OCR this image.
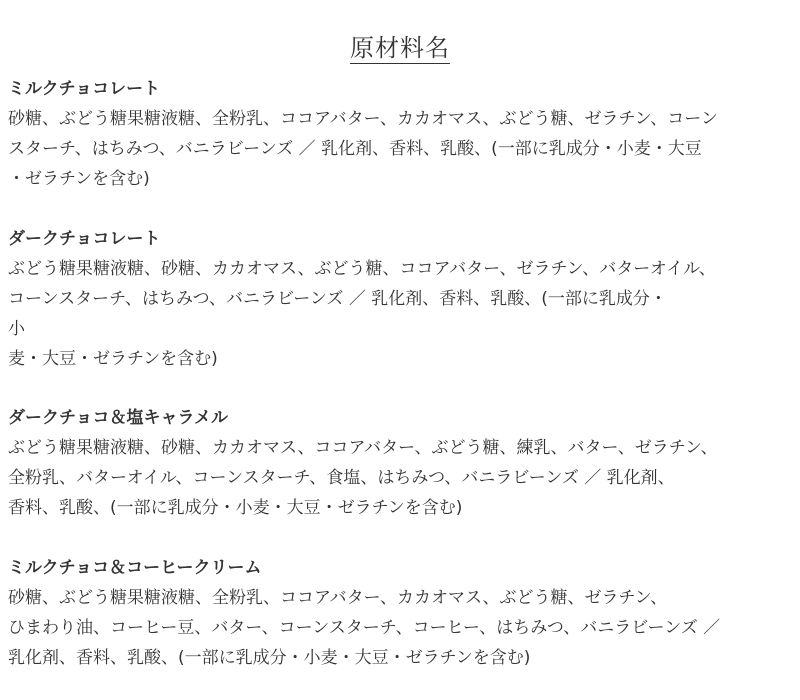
原材料名

ミルクチョコレート

砂糖、ぶどう糖果糖液糖、全粉乳、ココアバター、カカオマス、ぶどう糖、ゼラチン、コーン

スターチ、はちみつ、バニラビーンズ ／ 乳化剤、香料、乳酸、(一部に乳成分・小麦・大豆

・ゼラチンを含む)

ダークチョコレート

ぶどう糖果糖液糖、砂糖、カカオマス、ぶどう糖、ココアバター、ゼラチン、バターオイル、

コーンスターチ、はちみつ、バニラビーンズ ／ 乳化剤、香料、乳酸、(一部に乳成分・

小

麦・大豆・ゼラチンを含む)

ダークチョコ＆塩キャラメル

ぶどう糖果糖液糖、砂糖、カカオマス、ココアバター、ぶどう糖、練乳、バター、ゼラチン、

全粉乳、バターオイル、コーンスターチ、食塩、はちみつ、バニラビーンズ ／ 乳化剤、

香料、乳酸、(一部に乳成分・小麦・大豆・ゼラチンを含む)

ミルクチョコ＆コーヒークリーム

砂糖、ぶどう糖果糖液糖、全粉乳、ココアバター、カカオマス、ぶどう糖、ゼラチン、

ひまわり油、コーヒー豆、バター、コーンスターチ、コーヒー、はちみつ、バニラビーンズ ／

乳化剤、香料、乳酸、(一部に乳成分・小麦・大豆・ゼラチンを含む)
